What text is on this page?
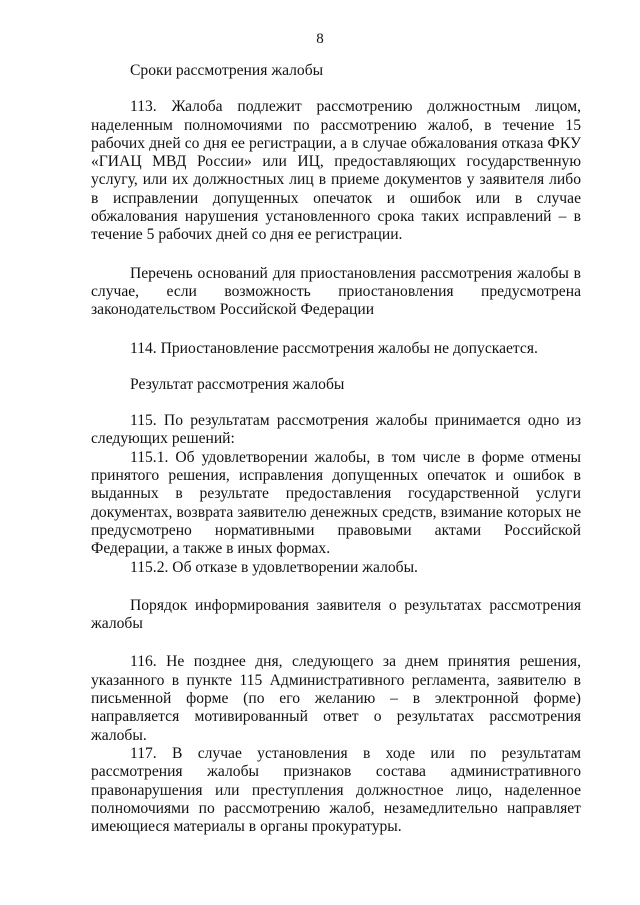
8

Сроки рассмотрения жалобы

113. Жалоба подлежит рассмотрению должностным лицом, наделенным полномочиями по рассмотрению жалоб, в течение 15 рабочих дней со дня ее регистрации, а в случае обжалования отказа ФКУ «ГИАЦ МВД России» или ИЦ, предоставляющих государственную услугу, или их должностных лиц в приеме документов у заявителя либо в исправлении допущенных опечаток и ошибок или в случае обжалования нарушения установленного срока таких исправлений – в течение 5 рабочих дней со дня ее регистрации.

Перечень оснований для приостановления рассмотрения жалобы в случае, если возможность приостановления предусмотрена законодательством Российской Федерации

114. Приостановление рассмотрения жалобы не допускается.

Результат рассмотрения жалобы

115. По результатам рассмотрения жалобы принимается одно из следующих решений:

115.1. Об удовлетворении жалобы, в том числе в форме отмены принятого решения, исправления допущенных опечаток и ошибок в выданных в результате предоставления государственной услуги документах, возврата заявителю денежных средств, взимание которых не предусмотрено нормативными правовыми актами Российской Федерации, а также в иных формах.

115.2. Об отказе в удовлетворении жалобы.

Порядок информирования заявителя о результатах рассмотрения жалобы

116. Не позднее дня, следующего за днем принятия решения, указанного в пункте 115 Административного регламента, заявителю в письменной форме (по его желанию – в электронной форме) направляется мотивированный ответ о результатах рассмотрения жалобы.

117. В случае установления в ходе или по результатам рассмотрения жалобы признаков состава административного правонарушения или преступления должностное лицо, наделенное полномочиями по рассмотрению жалоб, незамедлительно направляет имеющиеся материалы в органы прокуратуры.
